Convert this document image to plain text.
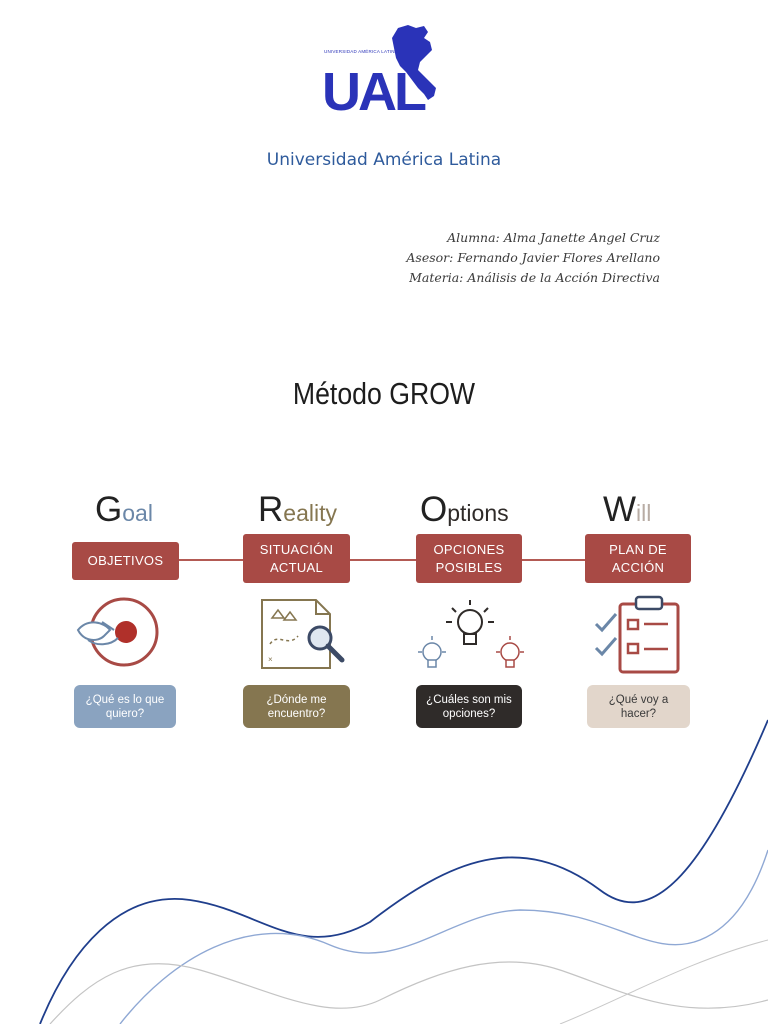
UAL
UNIVERSIDAD AMÉRICA LATINA
Universidad América Latina
Alumna: Alma Janette Angel Cruz
Asesor: Fernando Javier Flores Arellano
Materia: Análisis de la Acción Directiva
Método GROW
Goal	Reality Options	Will
OBJETIVOS
SITUACIÓN ACTUAL
OPCIONES POSIBLES
PLAN DE ACCIÓN
×
¿Qué es lo que quiero?
¿Dónde me encuentro?
¿Cuáles son mis opciones?
¿Qué voy a hacer?
